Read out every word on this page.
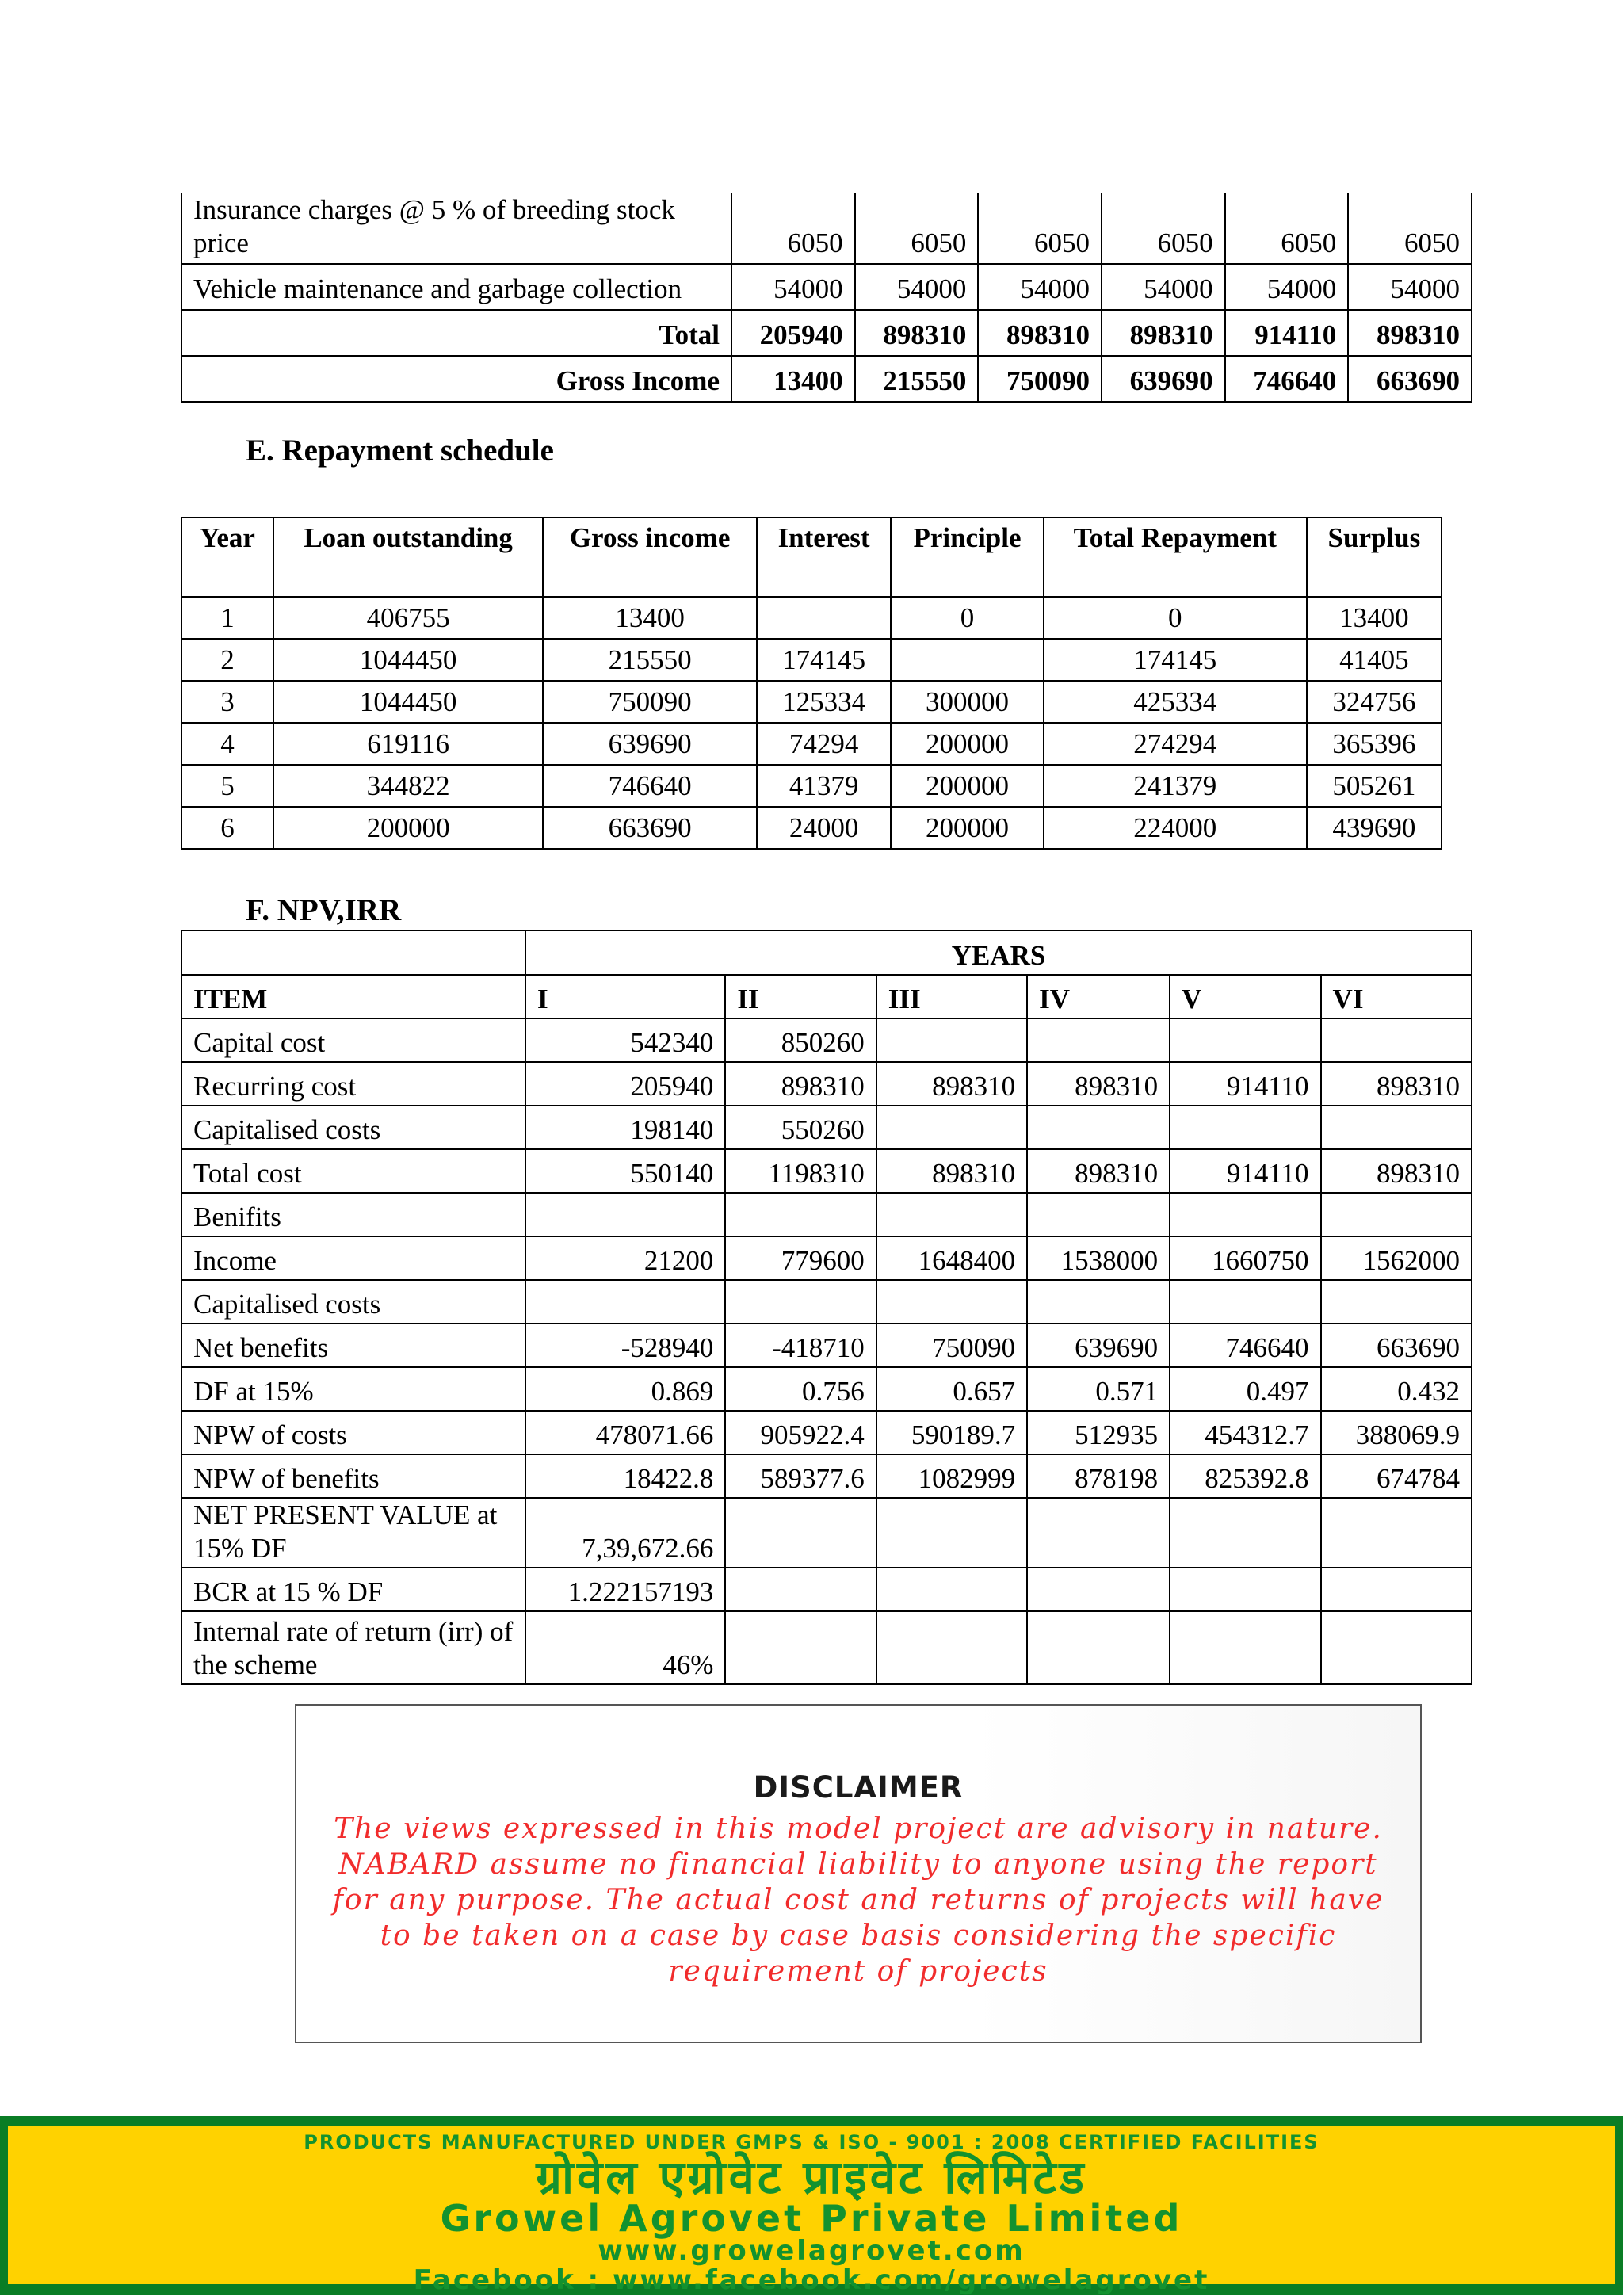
Insurance charges @ 5 % of breeding stock price	6050	6050	6050	6050	6050	6050
Vehicle maintenance and garbage collection	54000	54000	54000	54000	54000	54000
Total	205940	898310	898310	898310	914110	898310
Gross Income	13400	215550	750090	639690	746640	663690
E. Repayment schedule
Year	Loan outstanding	Gross income	Interest	Principle	Total Repayment	Surplus
1	406755	13400		0	0	13400
2	1044450	215550	174145		174145	41405
3	1044450	750090	125334	300000	425334	324756
4	619116	639690	74294	200000	274294	365396
5	344822	746640	41379	200000	241379	505261
6	200000	663690	24000	200000	224000	439690
F. NPV,IRR
	YEARS					
ITEM	I	II	III	IV	V	VI
Capital cost	542340	850260				
Recurring cost	205940	898310	898310	898310	914110	898310
Capitalised costs	198140	550260				
Total cost	550140	1198310	898310	898310	914110	898310
Benifits						
Income	21200	779600	1648400	1538000	1660750	1562000
Capitalised costs						
Net benefits	-528940	-418710	750090	639690	746640	663690
DF at 15%	0.869	0.756	0.657	0.571	0.497	0.432
NPW of costs	478071.66	905922.4	590189.7	512935	454312.7	388069.9
NPW of benefits	18422.8	589377.6	1082999	878198	825392.8	674784
NET PRESENT VALUE at 15% DF	7,39,672.66					
BCR at 15 % DF	1.222157193					
Internal rate of return (irr) of the scheme	46%					
DISCLAIMER
The views expressed in this model project are advisory in nature. NABARD assume no financial liability to anyone using the report for any purpose. The actual cost and returns of projects will have to be taken on a case by case basis considering the specific requirement of projects
PRODUCTS MANUFACTURED UNDER GMPS & ISO - 9001 : 2008 CERTIFIED FACILITIES
ग्रोवेल एग्रोवेट प्राइवेट लिमिटेड
Growel Agrovet Private Limited
www.growelagrovet.com
Facebook : www.facebook.com/growelagrovet
